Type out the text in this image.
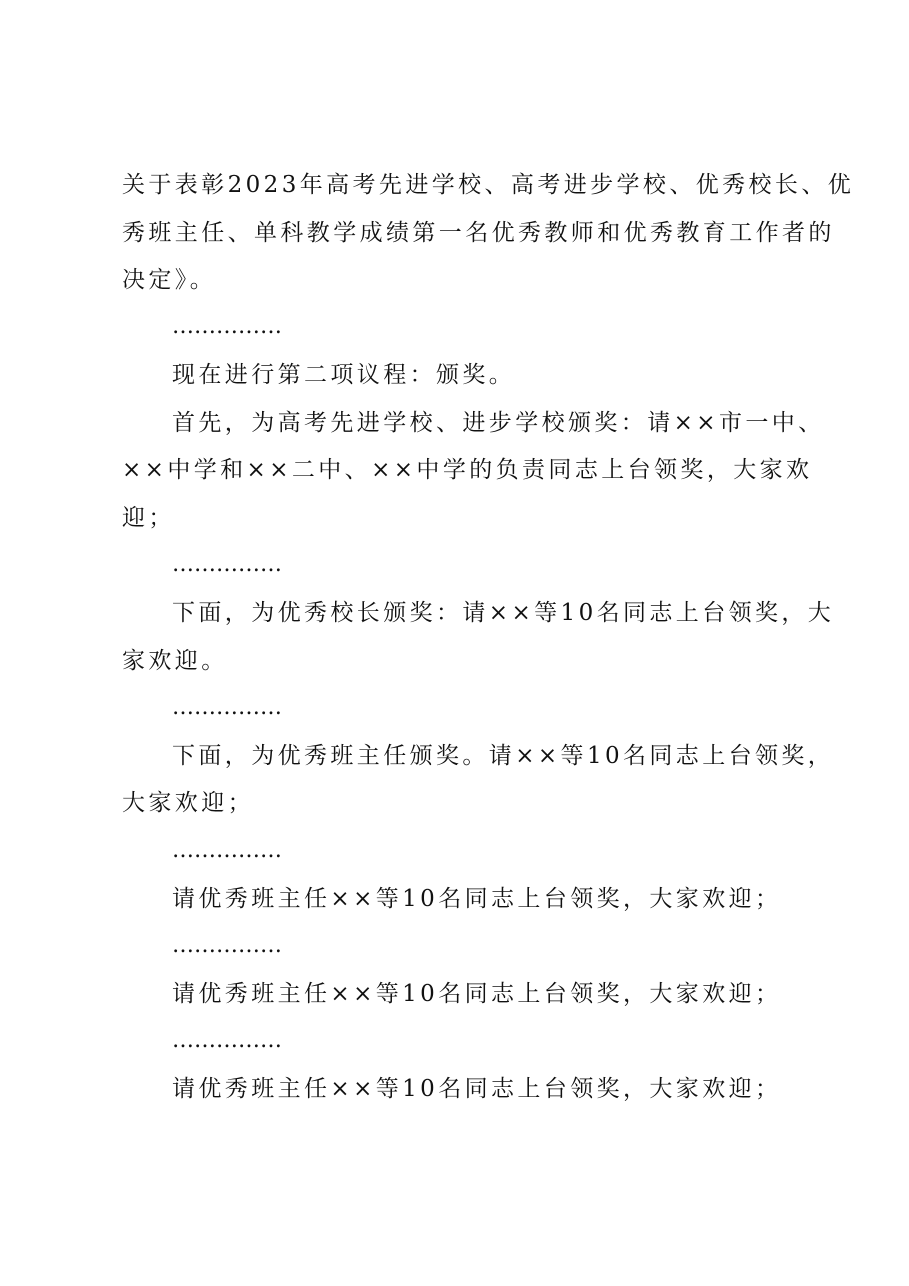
关于表彰2023年高考先进学校、高考进步学校、优秀校长、优
秀班主任、单科教学成绩第一名优秀教师和优秀教育工作者的
决定》。
……………
现在进行第二项议程：颁奖。
首先，为高考先进学校、进步学校颁奖：请××市一中、
××中学和××二中、××中学的负责同志上台领奖，大家欢
迎；
……………
下面，为优秀校长颁奖：请××等10名同志上台领奖，大
家欢迎。
……………
下面，为优秀班主任颁奖。请××等10名同志上台领奖，
大家欢迎；
……………
请优秀班主任××等10名同志上台领奖，大家欢迎；
……………
请优秀班主任××等10名同志上台领奖，大家欢迎；
……………
请优秀班主任××等10名同志上台领奖，大家欢迎；
